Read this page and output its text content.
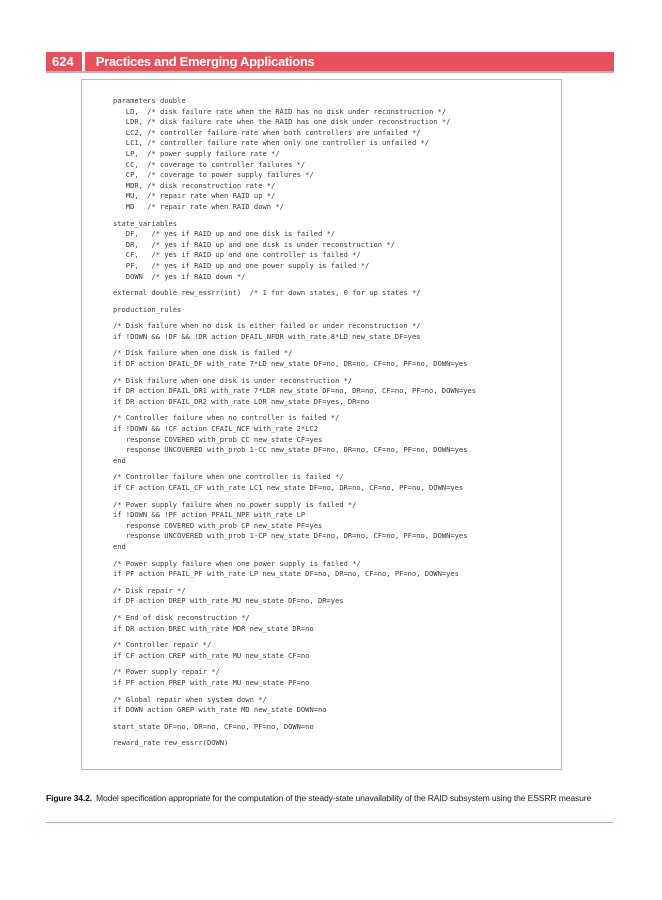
624	Practices and Emerging Applications
parameters double
LD,  /* disk failure rate when the RAID has no disk under reconstruction */
LDR, /* disk failure rate when the RAID has one disk under reconstruction */
LC2, /* controller failure rate when both controllers are unfailed */
LC1, /* controller failure rate when only one controller is unfailed */
LP,  /* power supply failure rate */
CC,  /* coverage to controller failures */
CP,  /* coverage to power supply failures */
MDR, /* disk reconstruction rate */
MU,  /* repair rate when RAID up */
MD   /* repair rate when RAID down */
state_variables
DF,   /* yes if RAID up and one disk is failed */
DR,   /* yes if RAID up and one disk is under reconstruction */
CF,   /* yes if RAID up and one controller is failed */
PF,   /* yes if RAID up and one power supply is failed */
DOWN  /* yes if RAID down */
external double rew_essrr(int)  /* 1 for down states, 0 for up states */
production_rules
/* Disk failure when no disk is either failed or under reconstruction */
if !DOWN && !DF && !DR action DFAIL_NFDR with_rate 8*LD new_state DF=yes
/* Disk failure when one disk is failed */
if DF action DFAIL_DF with_rate 7*LD new_state DF=no, DR=no, CF=no, PF=no, DOWN=yes
/* Disk failure when one disk is under reconstruction */
if DR action DFAIL_DR1 with_rate 7*LDR new_state DF=no, DR=no, CF=no, PF=no, DOWN=yes
if DR action DFAIL_DR2 with_rate LDR new_state DF=yes, DR=no
/* Controller failure when no controller is failed */
if !DOWN && !CF action CFAIL_NCF with_rate 2*LC2
response COVERED with_prob CC new_state CF=yes
response UNCOVERED with_prob 1-CC new_state DF=no, DR=no, CF=no, PF=no, DOWN=yes
end
/* Controller failure when one controller is failed */
if CF action CFAIL_CF with_rate LC1 new_state DF=no, DR=no, CF=no, PF=no, DOWN=yes
/* Power supply failure when no power supply is failed */
if !DOWN && !PF action PFAIL_NPF with_rate LP
response COVERED with_prob CP new_state PF=yes
response UNCOVERED with_prob 1-CP new_state DF=no, DR=no, CF=no, PF=no, DOWN=yes
end
/* Power supply failure when one power supply is failed */
if PF action PFAIL_PF with_rate LP new_state DF=no, DR=no, CF=no, PF=no, DOWN=yes
/* Disk repair */
if DF action DREP with_rate MU new_state DF=no, DR=yes
/* End of disk reconstruction */
if DR action DREC with_rate MDR new_state DR=no
/* Controller repair */
if CF action CREP with_rate MU new_state CF=no
/* Power supply repair */
if PF action PREP with_rate MU new_state PF=no
/* Global repair when system down */
if DOWN action GREP with_rate MD new_state DOWN=no
start_state DF=no, DR=no, CF=no, PF=no, DOWN=no
reward_rate rew_essrr(DOWN)
Figure 34.2. Model specification appropriate for the computation of the steady-state unavailability of the RAID subsystem using the ESSRR measure
